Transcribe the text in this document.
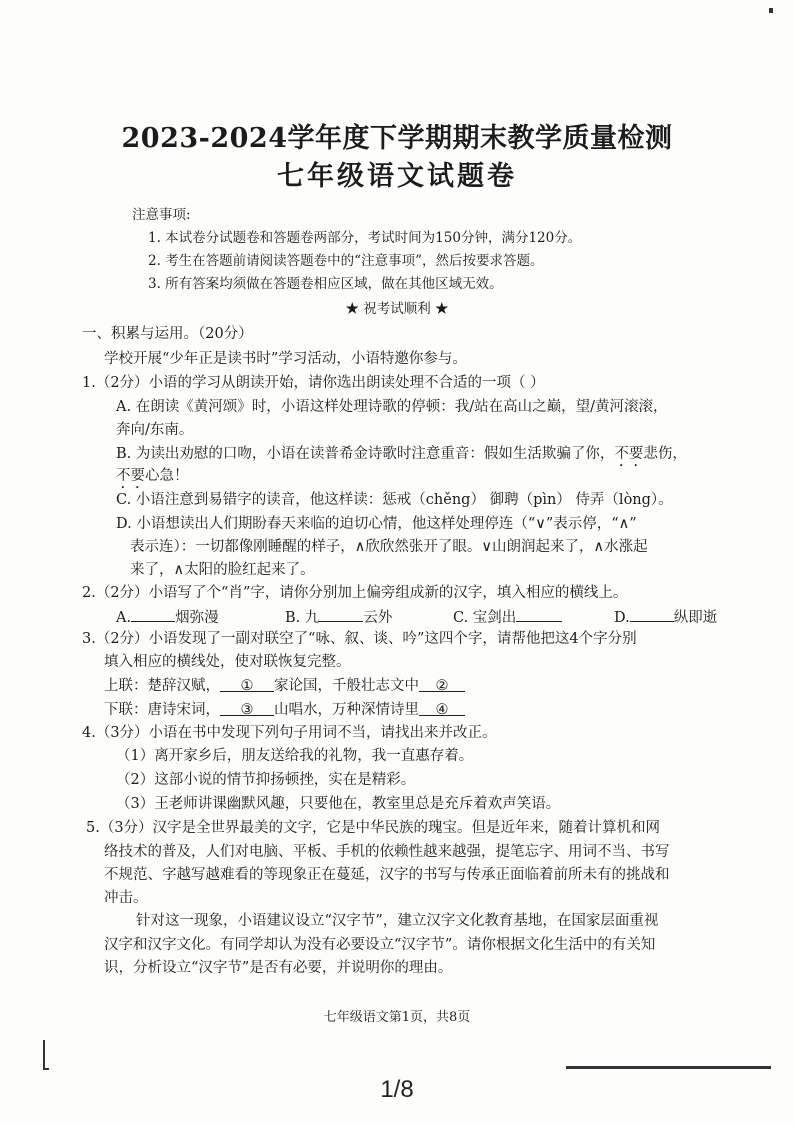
2023-2024学年度下学期期末教学质量检测
七年级语文试题卷
注意事项:
1. 本试卷分试题卷和答题卷两部分，考试时间为150分钟，满分120分。
2. 考生在答题前请阅读答题卷中的“注意事项”，然后按要求答题。
3. 所有答案均须做在答题卷相应区域，做在其他区域无效。
★ 祝考试顺利 ★
一、积累与运用。（20分）
学校开展“少年正是读书时”学习活动，小语特邀你参与。
1.（2分）小语的学习从朗读开始，请你选出朗读处理不合适的一项（ ）
A. 在朗读《黄河颂》时，小语这样处理诗歌的停顿：我/站在高山之巅，望/黄河滚滚，
奔向/东南。
B. 为读出劝慰的口吻，小语在读普希金诗歌时注意重音：假如生活欺骗了你，不要悲伤，
不要心急！
C. 小语注意到易错字的读音，他这样读：惩戒（chěng） 御聘（pìn） 侍弄（lòng）。
D. 小语想读出人们期盼春天来临的迫切心情，他这样处理停连（“∨”表示停，“∧”
表示连）：一切都像刚睡醒的样子，∧欣欣然张开了眼。∨山朗润起来了，∧水涨起
来了，∧太阳的脸红起来了。
2.（2分）小语写了个“肖”字，请你分别加上偏旁组成新的汉字，填入相应的横线上。
A.	烟弥漫	B. 九	云外	C. 宝剑出	D.	纵即逝
3.（2分）小语发现了一副对联空了“咏、叙、谈、吟”这四个字，请帮他把这4个字分别
填入相应的横线处，使对联恢复完整。
上联：楚辞汉赋， ① 家论国，千般壮志文中 ②
下联：唐诗宋词， ③ 山唱水，万种深情诗里 ④
4.（3分）小语在书中发现下列句子用词不当，请找出来并改正。
（1）离开家乡后，朋友送给我的礼物，我一直惠存着。
（2）这部小说的情节抑扬顿挫，实在是精彩。
（3）王老师讲课幽默风趣，只要他在，教室里总是充斥着欢声笑语。
5.（3分）汉字是全世界最美的文字，它是中华民族的瑰宝。但是近年来，随着计算机和网
络技术的普及，人们对电脑、平板、手机的依赖性越来越强，提笔忘字、用词不当、书写
不规范、字越写越难看的等现象正在蔓延，汉字的书写与传承正面临着前所未有的挑战和
冲击。
针对这一现象，小语建议设立“汉字节”，建立汉字文化教育基地，在国家层面重视
汉字和汉字文化。有同学却认为没有必要设立“汉字节”。请你根据文化生活中的有关知
识，分析设立“汉字节”是否有必要，并说明你的理由。
七年级语文第1页，共8页
1/8
